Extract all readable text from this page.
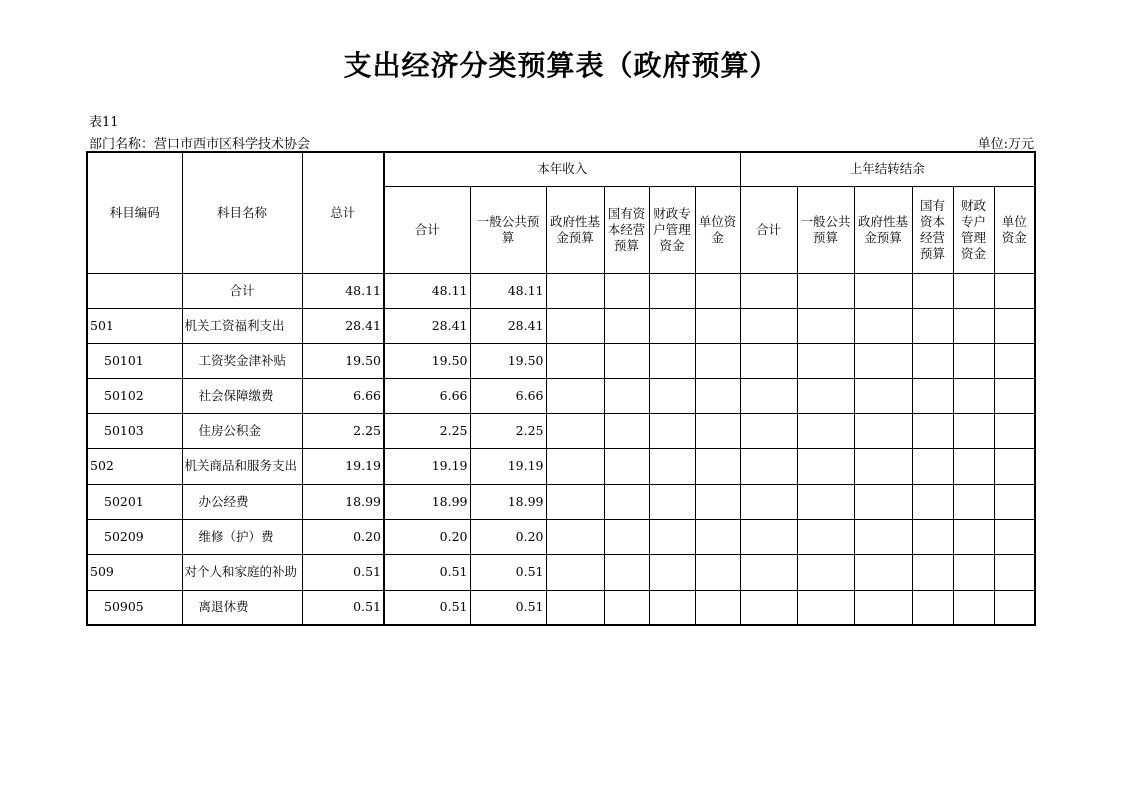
支出经济分类预算表（政府预算）
表11
部门名称：营口市西市区科学技术协会	单位:万元
科目编码	科目名称	总计	本年收入						上年结转结余					
			合计	一般公共预算	政府性基金预算	国有资本经营预算	财政专户管理资金	单位资金	合计	一般公共预算	政府性基金预算	国有资本经营预算	财政专户管理资金	单位资金
	合计	48.11	48.11	48.11										
501	机关工资福利支出	28.41	28.41	28.41										
50101	工资奖金津补贴	19.50	19.50	19.50										
50102	社会保障缴费	6.66	6.66	6.66										
50103	住房公积金	2.25	2.25	2.25										
502	机关商品和服务支出	19.19	19.19	19.19										
50201	办公经费	18.99	18.99	18.99										
50209	维修（护）费	0.20	0.20	0.20										
509	对个人和家庭的补助	0.51	0.51	0.51										
50905	离退休费	0.51	0.51	0.51										
